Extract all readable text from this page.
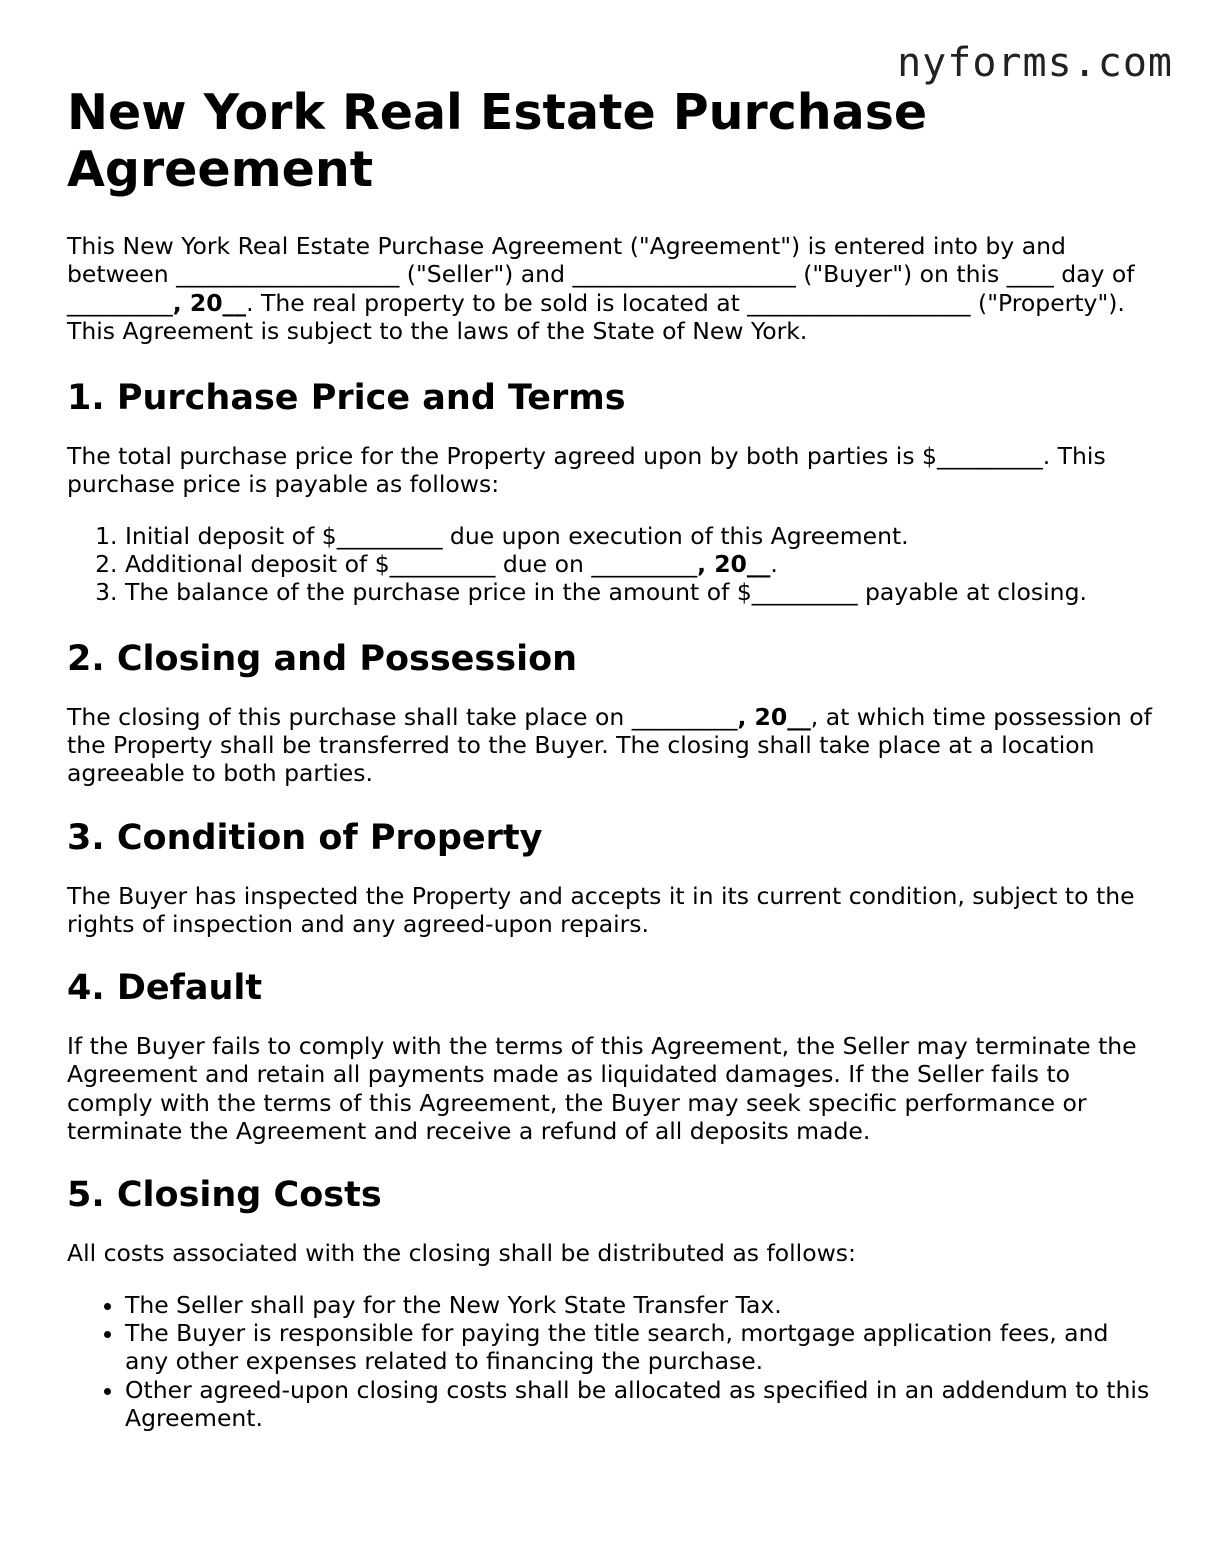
nyforms.com
New York Real Estate Purchase Agreement

This New York Real Estate Purchase Agreement ("Agreement") is entered into by and between ___________________ ("Seller") and ___________________ ("Buyer") on this ____ day of _________, 20__. The real property to be sold is located at ___________________ ("Property"). This Agreement is subject to the laws of the State of New York.

1. Purchase Price and Terms

The total purchase price for the Property agreed upon by both parties is $_________. This purchase price is payable as follows:

1. Initial deposit of $_________ due upon execution of this Agreement.
2. Additional deposit of $_________ due on _________, 20__.
3. The balance of the purchase price in the amount of $_________ payable at closing.
2. Closing and Possession

The closing of this purchase shall take place on _________, 20__, at which time possession of the Property shall be transferred to the Buyer. The closing shall take place at a location agreeable to both parties.

3. Condition of Property

The Buyer has inspected the Property and accepts it in its current condition, subject to the rights of inspection and any agreed-upon repairs.

4. Default

If the Buyer fails to comply with the terms of this Agreement, the Seller may terminate the Agreement and retain all payments made as liquidated damages. If the Seller fails to comply with the terms of this Agreement, the Buyer may seek specific performance or terminate the Agreement and receive a refund of all deposits made.

5. Closing Costs

All costs associated with the closing shall be distributed as follows:

• The Seller shall pay for the New York State Transfer Tax.
• The Buyer is responsible for paying the title search, mortgage application fees, and any other expenses related to financing the purchase.
• Other agreed-upon closing costs shall be allocated as specified in an addendum to this Agreement.
